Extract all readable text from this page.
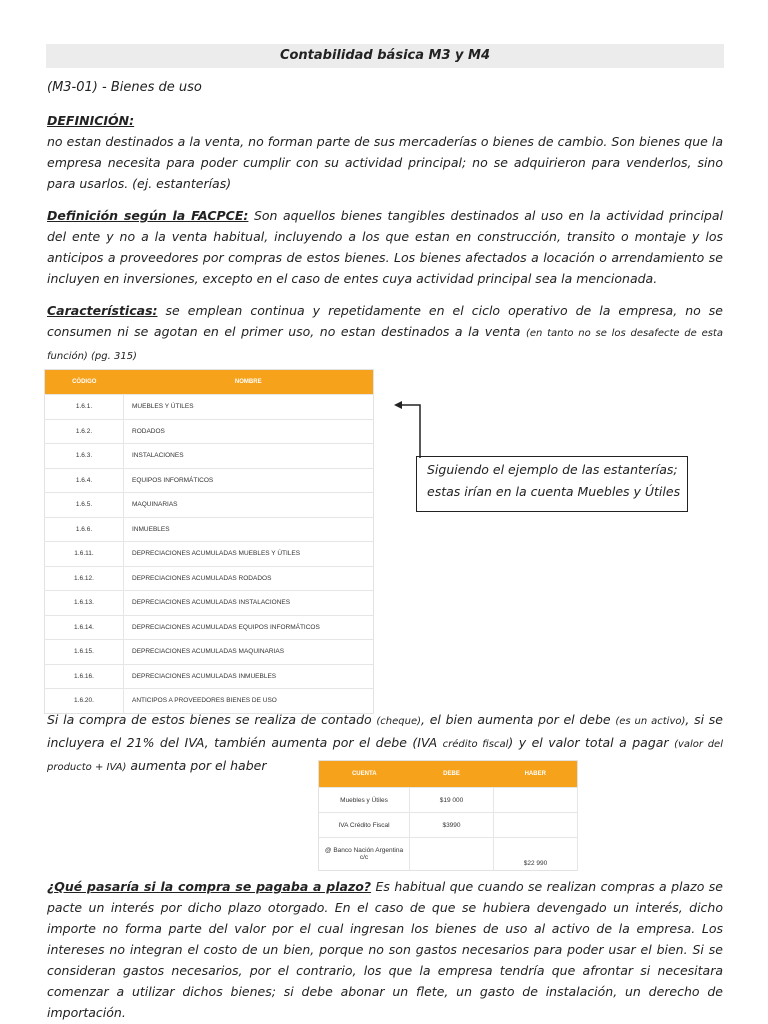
Contabilidad básica M3 y M4
(M3-01) - Bienes de uso
DEFINICIÓN:
no estan destinados a la venta, no forman parte de sus mercaderías o bienes de cambio. Son bienes que la empresa necesita para poder cumplir con su actividad principal; no se adquirieron para venderlos, sino para usarlos. (ej. estanterías)
Definición según la FACPCE: Son aquellos bienes tangibles destinados al uso en la actividad principal del ente y no a la venta habitual, incluyendo a los que estan en construcción, transito o montaje y los anticipos a proveedores por compras de estos bienes. Los bienes afectados a locación o arrendamiento se incluyen en inversiones, excepto en el caso de entes cuya actividad principal sea la mencionada.
Características: se emplean continua y repetidamente en el ciclo operativo de la empresa, no se consumen ni se agotan en el primer uso, no estan destinados a la venta (en tanto no se los desafecte de esta función) (pg. 315)
CÓDIGO	NOMBRE
1.6.1.	MUEBLES Y ÚTILES
1.6.2.	RODADOS
1.6.3.	INSTALACIONES
1.6.4.	EQUIPOS INFORMÁTICOS
1.6.5.	MAQUINARIAS
1.6.6.	INMUEBLES
1.6.11.	DEPRECIACIONES ACUMULADAS MUEBLES Y ÚTILES
1.6.12.	DEPRECIACIONES ACUMULADAS RODADOS
1.6.13.	DEPRECIACIONES ACUMULADAS INSTALACIONES
1.6.14.	DEPRECIACIONES ACUMULADAS EQUIPOS INFORMÁTICOS
1.6.15.	DEPRECIACIONES ACUMULADAS MAQUINARIAS
1.6.16.	DEPRECIACIONES ACUMULADAS INMUEBLES
1.6.20.	ANTICIPOS A PROVEEDORES BIENES DE USO
Siguiendo el ejemplo de las estanterías; estas irían en la cuenta Muebles y Útiles
Si la compra de estos bienes se realiza de contado (cheque), el bien aumenta por el debe (es un activo), si se incluyera el 21% del IVA, también aumenta por el debe (IVA crédito fiscal) y el valor total a pagar (valor del producto + IVA) aumenta por el haber
CUENTA	DEBE	HABER
Muebles y Útiles	$19 000	
IVA Crédito Fiscal	$3990	
@ Banco Nación Argentina c/c		$22 990
¿Qué pasaría si la compra se pagaba a plazo? Es habitual que cuando se realizan compras a plazo se pacte un interés por dicho plazo otorgado. En el caso de que se hubiera devengado un interés, dicho importe no forma parte del valor por el cual ingresan los bienes de uso al activo de la empresa. Los intereses no integran el costo de un bien, porque no son gastos necesarios para poder usar el bien. Si se consideran gastos necesarios, por el contrario, los que la empresa tendría que afrontar si necesitara comenzar a utilizar dichos bienes; si debe abonar un flete, un gasto de instalación, un derecho de importación.
